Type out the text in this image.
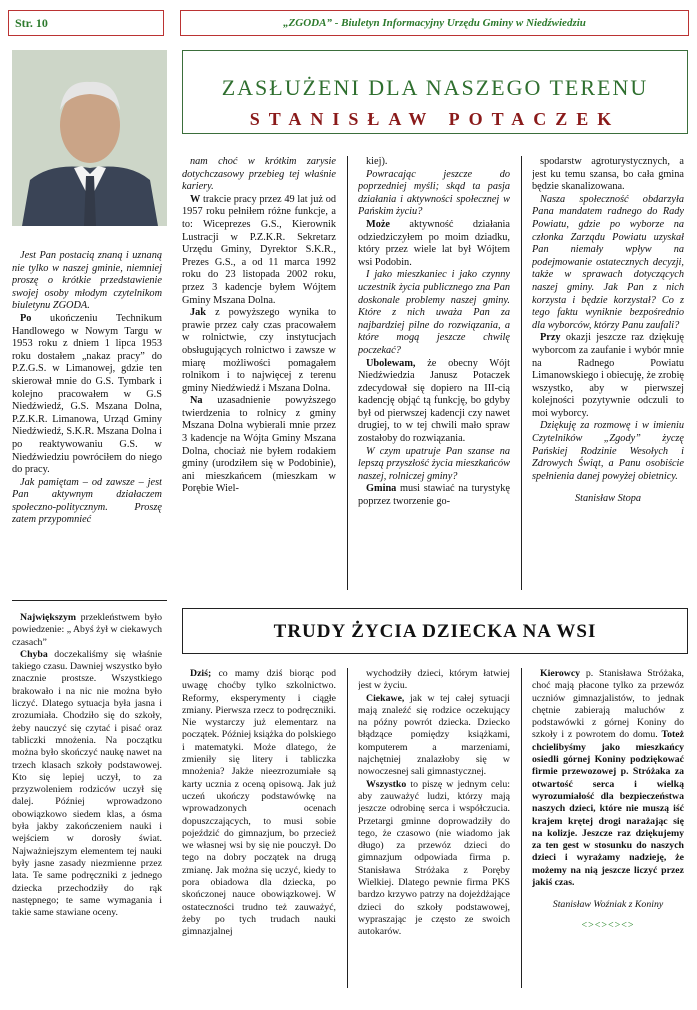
Str. 10	„ZGODA” - Biuletyn Informacyjny Urzędu Gminy w Niedźwiedziu
ZASŁUŻENI DLA NASZEGO TERENU
STANISŁAW POTACZEK

Jest Pan postacią znaną i uznaną nie tylko w naszej gminie, niemniej proszę o krótkie przedstawienie swojej osoby młodym czytelnikom biuletynu ZGODA.

Po ukończeniu Technikum Handlowego w Nowym Targu w 1953 roku z dniem 1 lipca 1953 roku dostałem „nakaz pracy” do P.Z.G.S. w Limanowej, gdzie ten skierował mnie do G.S. Tymbark i kolejno pracowałem w G.S Niedźwiedź, G.S. Mszana Dolna, P.Z.K.R. Limanowa, Urząd Gminy Niedźwiedź, S.K.R. Mszana Dolna i po reaktywowaniu G.S. w Niedźwiedziu powróciłem do niego do pracy.

Jak pamiętam – od zawsze – jest Pan aktywnym działaczem społeczno-politycznym. Proszę zatem przypomnieć

nam choć w krótkim zarysie dotychczasowy przebieg tej właśnie kariery.

W trakcie pracy przez 49 lat już od 1957 roku pełniłem różne funkcje, a to: Wiceprezes G.S., Kierownik Lustracji w P.Z.K.R. Sekretarz Urzędu Gminy, Dyrektor S.K.R., Prezes G.S., a od 11 marca 1992 roku do 23 listopada 2002 roku, przez 3 kadencje byłem Wójtem Gminy Mszana Dolna.

Jak z powyższego wynika to prawie przez cały czas pracowałem w rolnictwie, czy instytucjach obsługujących rolnictwo i zawsze w miarę możliwości pomagałem rolnikom i to najwięcej z terenu gminy Niedźwiedź i Mszana Dolna.

Na uzasadnienie powyższego twierdzenia to rolnicy z gminy Mszana Dolna wybierali mnie przez 3 kadencje na Wójta Gminy Mszana Dolna, chociaż nie byłem rodakiem gminy (urodziłem się w Podobinie), ani mieszkańcem (mieszkam w Porębie Wiel-

kiej).

Powracając jeszcze do poprzedniej myśli; skąd ta pasja działania i aktywności społecznej w Pańskim życiu?

Może aktywność działania odziedziczyłem po moim dziadku, który przez wiele lat był Wójtem wsi Podobin.

I jako mieszkaniec i jako czynny uczestnik życia publicznego zna Pan doskonale problemy naszej gminy. Które z nich uważa Pan za najbardziej pilne do rozwiązania, a które mogą jeszcze chwilę poczekać?

Ubolewam, że obecny Wójt Niedźwiedzia Janusz Potaczek zdecydował się dopiero na III-cią kadencję objąć tą funkcję, bo gdyby był od pierwszej kadencji czy nawet drugiej, to w tej chwili mało spraw zostałoby do rozwiązania.

W czym upatruje Pan szanse na lepszą przyszłość życia mieszkańców naszej, rolniczej gminy?

Gmina musi stawiać na turystykę poprzez tworzenie go-

spodarstw agroturystycznych, a jest ku temu szansa, bo cała gmina będzie skanalizowana.

Nasza społeczność obdarzyła Pana mandatem radnego do Rady Powiatu, gdzie po wyborze na członka Zarządu Powiatu uzyskał Pan niemały wpływ na podejmowanie ostatecznych decyzji, także w sprawach dotyczących naszej gminy. Jak Pan z nich korzysta i będzie korzystał? Co z tego faktu wyniknie bezpośrednio dla wyborców, którzy Panu zaufali?

Przy okazji jeszcze raz dziękuję wyborcom za zaufanie i wybór mnie na Radnego Powiatu Limanowskiego i obiecuję, że zrobię wszystko, aby w pierwszej kolejności pozytywnie odczuli to moi wyborcy.

Dziękuję za rozmowę i w imieniu Czytelników „Zgody” życzę Pańskiej Rodzinie Wesołych i Zdrowych Świąt, a Panu osobiście spełnienia danej powyżej obietnicy.

Stanisław Stopa
TRUDY ŻYCIA DZIECKA NA WSI

Największym przekleństwem było powiedzenie: „ Abyś żył w ciekawych czasach”

Chyba doczekaliśmy się właśnie takiego czasu. Dawniej wszystko było znacznie prostsze. Wszystkiego brakowało i na nic nie można było liczyć. Dlatego sytuacja była jasna i zrozumiała. Chodziło się do szkoły, żeby nauczyć się czytać i pisać oraz tabliczki mnożenia. Na początku można było skończyć naukę nawet na trzech klasach szkoły podstawowej. Kto się lepiej uczył, to za przyzwoleniem rodziców uczył się dalej. Później wprowadzono obowiązkowo siedem klas, a ósma była jakby zakończeniem nauki i wejściem w dorosły świat. Najważniejszym elementem tej nauki były jasne zasady niezmienne przez lata. Te same podręczniki z jednego dziecka przechodziły do rąk następnego; te same wymagania i takie same stawiane oceny.

Dziś; co mamy dziś biorąc pod uwagę choćby tylko szkolnictwo. Reformy, eksperymenty i ciągłe zmiany. Pierwsza rzecz to podręczniki. Nie wystarczy już elementarz na początek. Później książka do polskiego i matematyki. Może dlatego, że zmieniły się litery i tabliczka mnożenia? Jakże nieezrozumiałe są karty ucznia z oceną opisową. Jak już uczeń ukończy podstawówkę na wprowadzonych ocenach dopuszczających, to musi sobie pojeździć do gimnazjum, bo przecież we własnej wsi by się nie pouczył. Do tego na dobry początek na drugą zmianę. Jak można się uczyć, kiedy to pora obiadowa dla dziecka, po skończonej nauce obowiązkowej. W ostateczności trudno też zauważyć, żeby po tych trudach nauki gimnazjalnej

wychodziły dzieci, którym łatwiej jest w życiu.

Ciekawe, jak w tej całej sytuacji mają znaleźć się rodzice oczekujący na późny powrót dziecka. Dziecko błądzące pomiędzy książkami, komputerem a marzeniami, najchętniej znalazłoby się w nowoczesnej sali gimnastycznej.

Wszystko to piszę w jednym celu: aby zauważyć ludzi, którzy mają jeszcze odrobinę serca i współczucia. Przetargi gminne doprowadziły do tego, że czasowo (nie wiadomo jak długo) za przewóz dzieci do gimnazjum odpowiada firma p. Stanisława Stróżaka z Poręby Wielkiej. Dlatego pewnie firma PKS bardzo krzywo patrzy na dojeżdżające dzieci do szkoły podstawowej, wypraszając je często ze swoich autokarów.

Kierowcy p. Stanisława Stróżaka, choć mają płacone tylko za przewóz uczniów gimnazjalistów, to jednak chętnie zabierają maluchów z podstawówki z górnej Koniny do szkoły i z powrotem do domu. Toteż chcielibyśmy jako mieszkańcy osiedli górnej Koniny podziękować firmie przewozowej p. Stróżaka za otwartość serca i wielką wyrozumiałość dla bezpieczeństwa naszych dzieci, które nie muszą iść krajem krętej drogi narażając się na kolizje. Jeszcze raz dziękujemy za ten gest w stosunku do naszych dzieci i wyrażamy nadzieję, że możemy na nią jeszcze liczyć przez jakiś czas.

Stanisław Woźniak z Koniny
<><><><>
